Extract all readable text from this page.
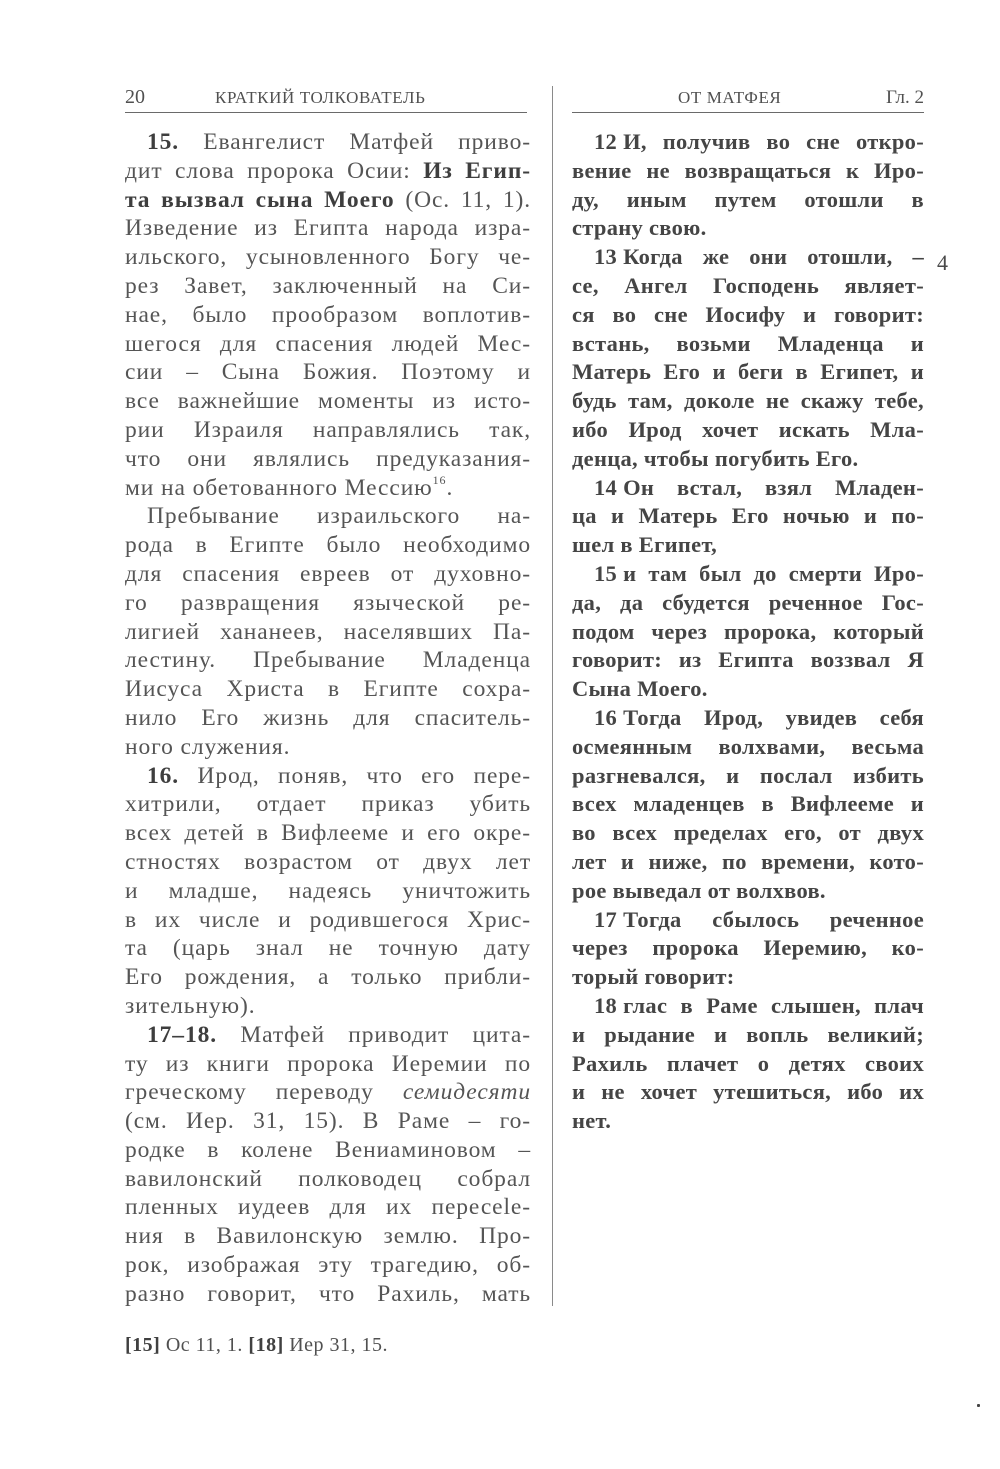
20	КРАТКИЙ ТОЛКОВАТЕЛЬ	ОТ МАТФЕЯ	Гл. 2
15. Евангелист Матфей приво-
дит слова пророка Осии: Из Егип-
та вызвал сына Моего (Ос. 11, 1).
Изведение из Египта народа изра-
ильского, усыновленного Богу че-
рез Завет, заключенный на Си-
нае, было прообразом воплотив-
шегося для спасения людей Мес-
сии – Сына Божия. Поэтому и
все важнейшие моменты из исто-
рии Израиля направлялись так,
что они являлись предуказания-
ми на обетованного Мессию$^{16}$.
Пребывание израильского на-
рода в Египте было необходимо
для спасения евреев от духовно-
го развращения языческой ре-
лигией хананеев, населявших Па-
лестину. Пребывание Младенца
Иисуса Христа в Египте сохра-
нило Его жизнь для спаситель-
ного служения.
16. Ирод, поняв, что его пере-
хитрили, отдает приказ убить
всех детей в Вифлееме и его окре-
стностях возрастом от двух лет
и младше, надеясь уничтожить
в их числе и родившегося Хрис-
та (царь знал не точную дату
Его рождения, а только прибли-
зительную).
17–18. Матфей приводит цита-
ту из книги пророка Иеремии по
греческому переводу семидесяти
(см. Иер. 31, 15). В Раме – го-
родке в колене Вениаминовом –
вавилонский полководец собрал
пленных иудеев для их пересele-
ния в Вавилонскую землю. Про-
рок, изображая эту трагедию, об-
разно говорит, что Рахиль, мать
12 И, получив во сне откро-
вение не возвращаться к Иро-
ду, иным путем отошли в
страну свою.
13 Когда же они отошли, –
се, Ангел Господень являет-
ся во сне Иосифу и говорит:
встань, возьми Младенца и
Матерь Его и беги в Египет, и
будь там, доколе не скажу тебе,
ибо Ирод хочет искать Мла-
денца, чтобы погубить Его.
14 Он встал, взял Младен-
ца и Матерь Его ночью и по-
шел в Египет,
15 и там был до смерти Иро-
да, да сбудется реченное Гос-
подом через пророка, который
говорит: из Египта воззвал Я
Сына Моего.
16 Тогда Ирод, увидев себя
осмеянным волхвами, весьма
разгневался, и послал избить
всех младенцев в Вифлееме и
во всех пределах его, от двух
лет и ниже, по времени, кото-
рое выведал от волхвов.
17 Тогда сбылось реченное
через пророка Иеремию, ко-
торый говорит:
18 глас в Раме слышен, плач
и рыдание и вопль великий;
Рахиль плачет о детях своих
и не хочет утешиться, ибо их
нет.
4
[15] Ос 11, 1. [18] Иер 31, 15.
